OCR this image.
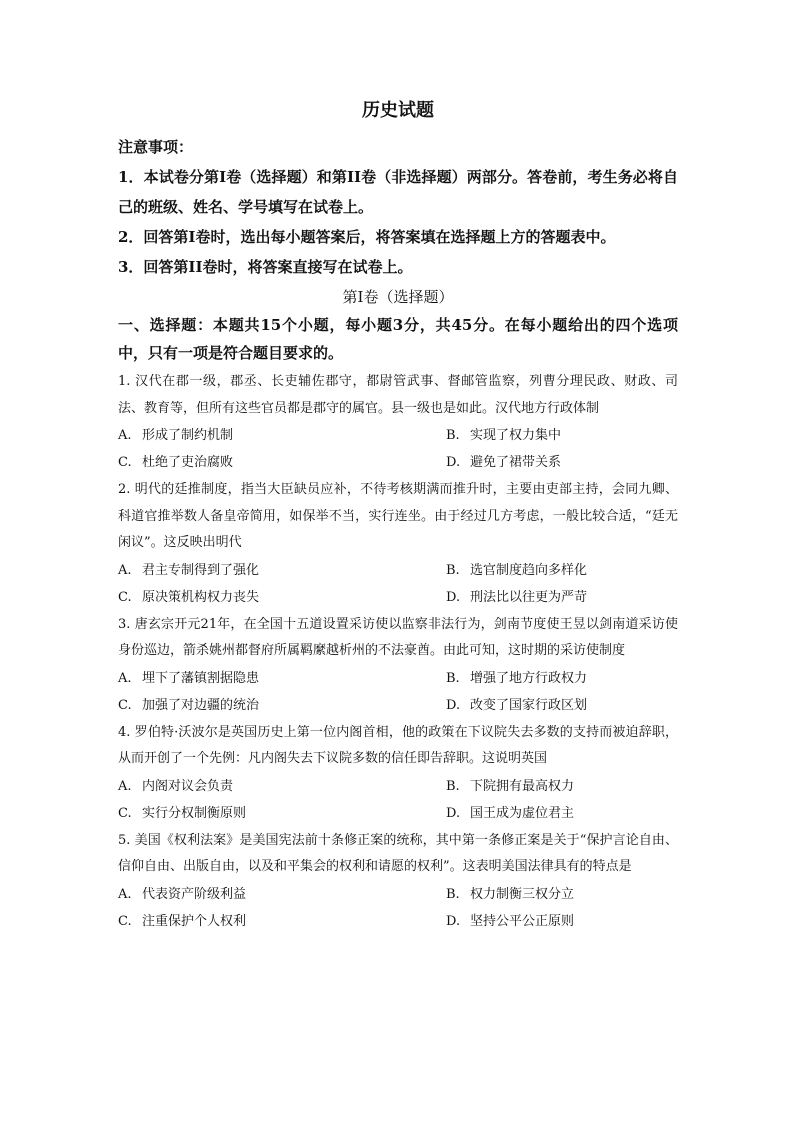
历史试题
注意事项：
1．本试卷分第Ⅰ卷（选择题）和第II卷（非选择题）两部分。答卷前，考生务必将自己的班级、姓名、学号填写在试卷上。
2．回答第Ⅰ卷时，选出每小题答案后，将答案填在选择题上方的答题表中。
3．回答第II卷时，将答案直接写在试卷上。
第Ⅰ卷（选择题）
一、选择题：本题共15个小题，每小题3分，共45分。在每小题给出的四个选项中，只有一项是符合题目要求的。

1. 汉代在郡一级，郡丞、长吏辅佐郡守，都尉管武事、督邮管监察，列曹分理民政、财政、司法、教育等，但所有这些官员都是郡守的属官。县一级也是如此。汉代地方行政体制

A. 形成了制约机制	B. 实现了权力集中
C. 杜绝了吏治腐败	D. 避免了裙带关系

2. 明代的廷推制度，指当大臣缺员应补，不待考核期满而推升时，主要由吏部主持，会同九卿、科道官推举数人备皇帝简用，如保举不当，实行连坐。由于经过几方考虑，一般比较合适，“廷无闲议”。这反映出明代

A. 君主专制得到了强化	B. 选官制度趋向多样化
C. 原决策机构权力丧失	D. 刑法比以往更为严苛

3. 唐玄宗开元21年，在全国十五道设置采访使以监察非法行为，剑南节度使王昱以剑南道采访使身份巡边，箭杀姚州都督府所属羁縻越析州的不法豪酋。由此可知，这时期的采访使制度

A. 埋下了藩镇割据隐患	B. 增强了地方行政权力
C. 加强了对边疆的统治	D. 改变了国家行政区划

4. 罗伯特·沃波尔是英国历史上第一位内阁首相，他的政策在下议院失去多数的支持而被迫辞职，从而开创了一个先例：凡内阁失去下议院多数的信任即告辞职。这说明英国

A. 内阁对议会负责	B. 下院拥有最高权力
C. 实行分权制衡原则	D. 国王成为虚位君主

5. 美国《权利法案》是美国宪法前十条修正案的统称，其中第一条修正案是关于“保护言论自由、信仰自由、出版自由，以及和平集会的权利和请愿的权利”。这表明美国法律具有的特点是

A. 代表资产阶级利益	B. 权力制衡三权分立
C. 注重保护个人权利	D. 坚持公平公正原则
